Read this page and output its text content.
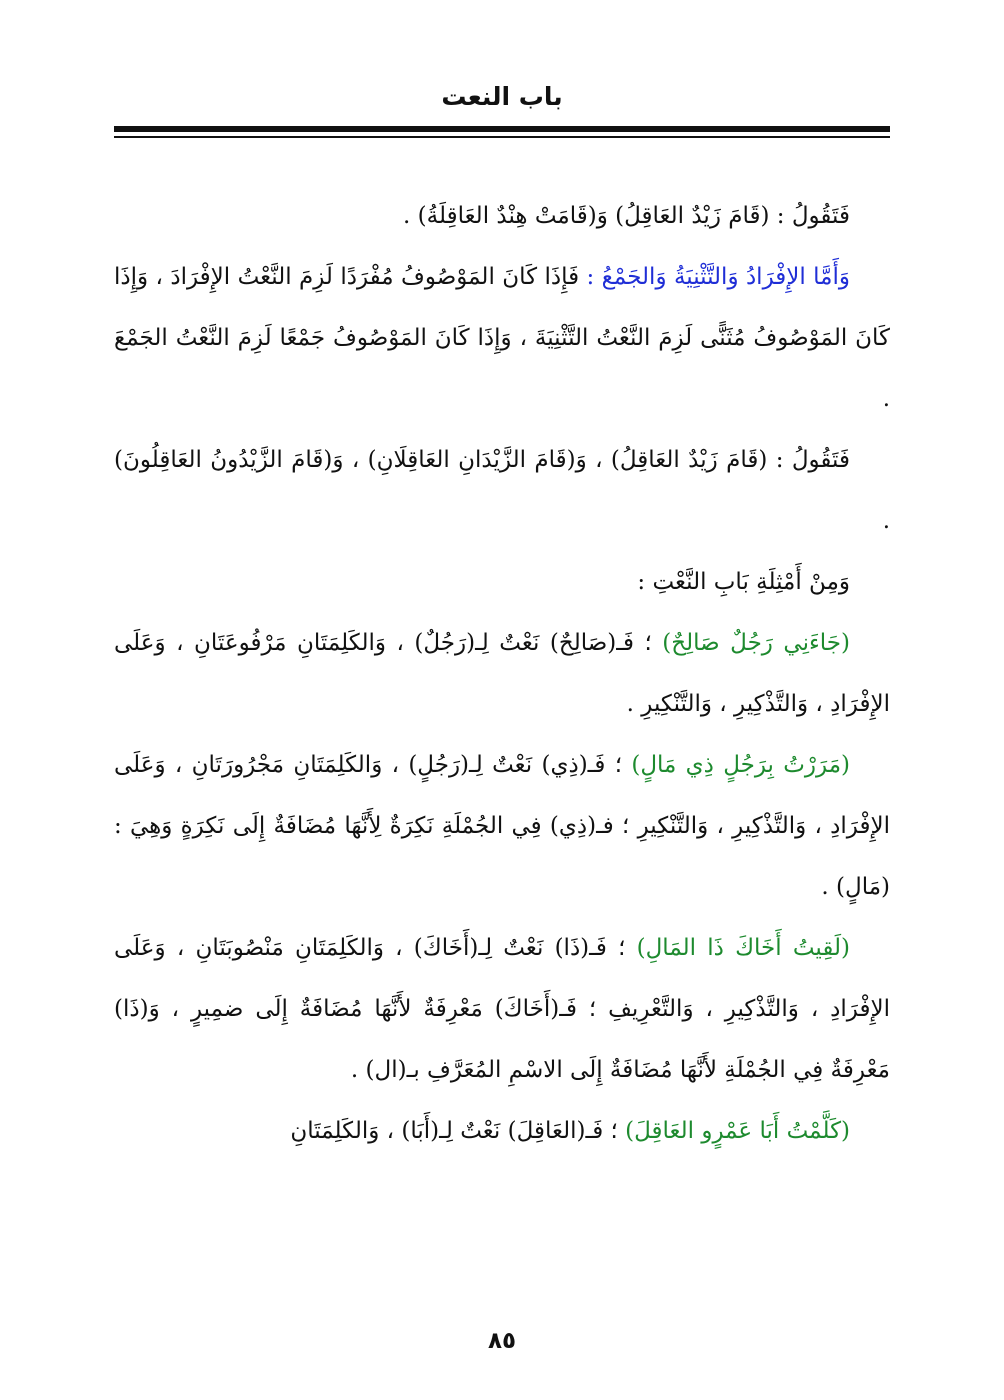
باب النعت

فَتَقُولُ : (قَامَ زَيْدٌ العَاقِلُ) وَ(قَامَتْ هِنْدٌ العَاقِلَةُ) .

وَأَمَّا الإِفْرَادُ وَالتَّثْنِيَةُ وَالجَمْعُ : فَإِذَا كَانَ المَوْصُوفُ مُفْرَدًا لَزِمَ النَّعْتُ الإِفْرَادَ ، وَإِذَا كَانَ المَوْصُوفُ مُثَنًّى لَزِمَ النَّعْتُ التَّثْنِيَةَ ، وَإِذَا كَانَ المَوْصُوفُ جَمْعًا لَزِمَ النَّعْتُ الجَمْعَ .

فَتَقُولُ : (قَامَ زَيْدٌ العَاقِلُ) ، وَ(قَامَ الزَّيْدَانِ العَاقِلَانِ) ، وَ(قَامَ الزَّيْدُونُ العَاقِلُونَ) .

وَمِنْ أَمْثِلَةِ بَابِ النَّعْتِ :

(جَاءَنِي رَجُلٌ صَالِحٌ) ؛ فَـ(صَالِحٌ) نَعْتٌ لِـ(رَجُلٌ) ، وَالكَلِمَتَانِ مَرْفُوعَتَانِ ، وَعَلَى الإِفْرَادِ ، وَالتَّذْكِيرِ ، وَالتَّنْكِيرِ .

(مَرَرْتُ بِرَجُلٍ ذِي مَالٍ) ؛ فَـ(ذِي) نَعْتٌ لِـ(رَجُلٍ) ، وَالكَلِمَتَانِ مَجْرُورَتَانِ ، وَعَلَى الإِفْرَادِ ، وَالتَّذْكِيرِ ، وَالتَّنْكِيرِ ؛ فـ(ذِي) فِي الجُمْلَةِ نَكِرَةٌ لِأَنَّهَا مُضَافَةٌ إِلَى نَكِرَةٍ وَهِيَ : (مَالٍ) .

(لَقِيتُ أَخَاكَ ذَا المَالِ) ؛ فَـ(ذَا) نَعْتٌ لِـ(أَخَاكَ) ، وَالكَلِمَتَانِ مَنْصُوبَتَانِ ، وَعَلَى الإِفْرَادِ ، وَالتَّذْكِيرِ ، وَالتَّعْرِيفِ ؛ فَـ(أَخَاكَ) مَعْرِفَةٌ لأَنَّهَا مُضَافَةٌ إِلَى ضمِيرٍ ، وَ(ذَا) مَعْرِفَةٌ فِي الجُمْلَةِ لأَنَّهَا مُضَافَةٌ إِلَى الاسْمِ المُعَرَّفِ بـ(ال) .

(كَلَّمْتُ أَبَا عَمْرٍو العَاقِلَ) ؛ فَـ(العَاقِلَ) نَعْتٌ لِـ(أَبَا) ، وَالكَلِمَتَانِ

٨٥
